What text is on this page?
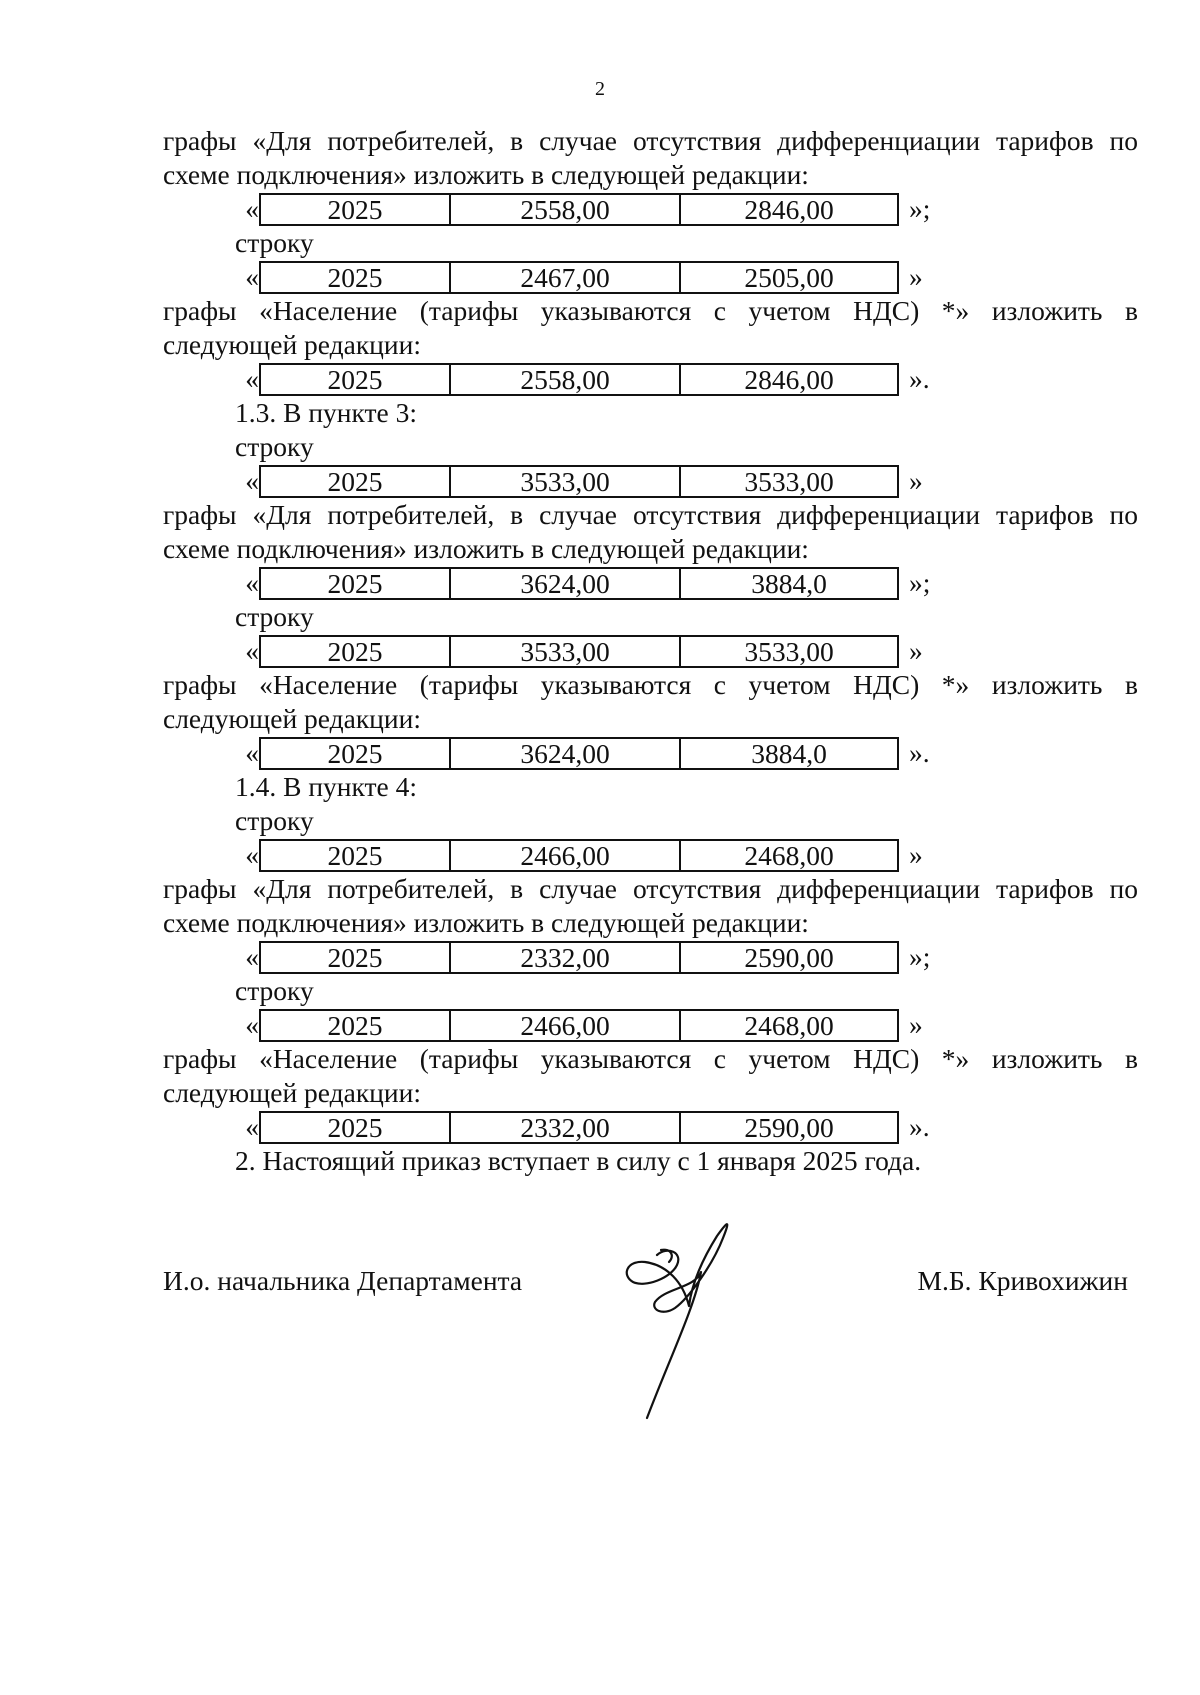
2
графы «Для потребителей, в случае отсутствия дифференциации тарифов по
схеме подключения» изложить в следующей редакции:
« 2025	2558,00	2846,00	»;
строку
« 2025	2467,00	2505,00	»
графы «Население (тарифы указываются с учетом НДС) *» изложить в
следующей редакции:
« 2025	2558,00	2846,00	».
1.3. В пункте 3:
строку
« 2025	3533,00	3533,00	»
графы «Для потребителей, в случае отсутствия дифференциации тарифов по
схеме подключения» изложить в следующей редакции:
« 2025	3624,00	3884,0	»;
строку
« 2025	3533,00	3533,00	»
графы «Население (тарифы указываются с учетом НДС) *» изложить в
следующей редакции:
« 2025	3624,00	3884,0	».
1.4. В пункте 4:
строку
« 2025	2466,00	2468,00	»
графы «Для потребителей, в случае отсутствия дифференциации тарифов по
схеме подключения» изложить в следующей редакции:
« 2025	2332,00	2590,00	»;
строку
« 2025	2466,00	2468,00	»
графы «Население (тарифы указываются с учетом НДС) *» изложить в
следующей редакции:
« 2025	2332,00	2590,00	».
2. Настоящий приказ вступает в силу с 1 января 2025 года.
И.о. начальника Департамента	М.Б. Кривохижин
